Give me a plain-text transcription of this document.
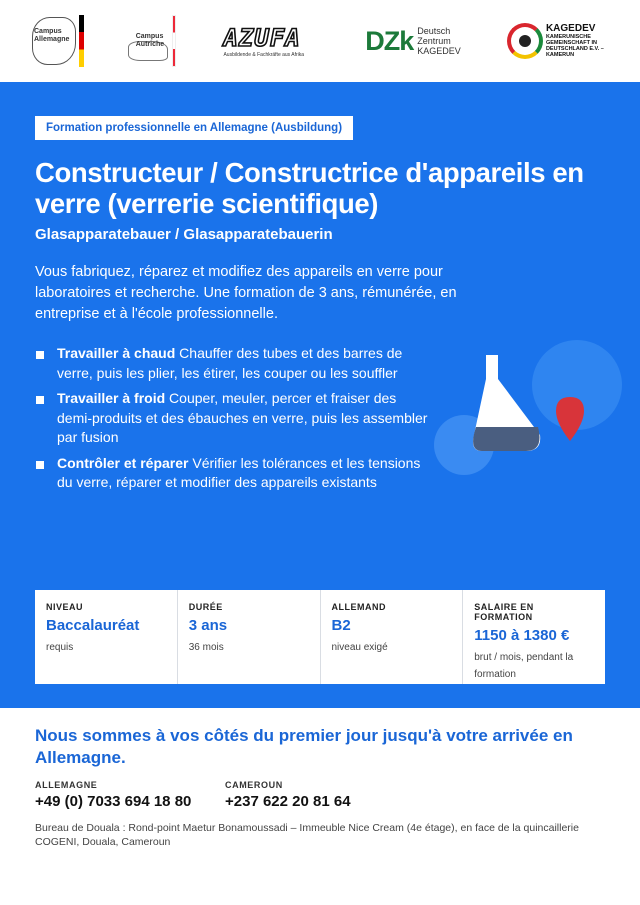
Campus Allemagne	Campus Autriche	AZUFA
Ausbildende & Fachkräfte aus Afrika DZk Deutsch Zentrum KAGEDEV
KAGEDEV
KAMERUNISCHE GEMEINSCHAFT IN DEUTSCHLAND E.V. – KAMERUN
Formation professionnelle en Allemagne (Ausbildung)
Constructeur / Constructrice d'appareils en verre (verrerie scientifique)
Glasapparatebauer / Glasapparatebauerin

Vous fabriquez, réparez et modifiez des appareils en verre pour laboratoires et recherche. Une formation de 3 ans, rémunérée, en entreprise et à l'école professionnelle.

Travailler à chaud Chauffer des tubes et des barres de verre, puis les plier, les étirer, les couper ou les souffler
Travailler à froid Couper, meuler, percer et fraiser des demi-produits et des ébauches en verre, puis les assembler par fusion
Contrôler et réparer Vérifier les tolérances et les tensions du verre, réparer et modifier des appareils existants
NIVEAU
Baccalauréat
requis
DURÉE
3 ans
36 mois
ALLEMAND
B2
niveau exigé
SALAIRE EN FORMATION
1150 à 1380 €
brut / mois, pendant la formation
Nous sommes à vos côtés du premier jour jusqu'à votre arrivée en Allemagne.
ALLEMAGNE
+49 (0) 7033 694 18 80
CAMEROUN
+237 622 20 81 64
Bureau de Douala : Rond-point Maetur Bonamoussadi – Immeuble Nice Cream (4e étage), en face de la quincaillerie COGENI, Douala, Cameroun
